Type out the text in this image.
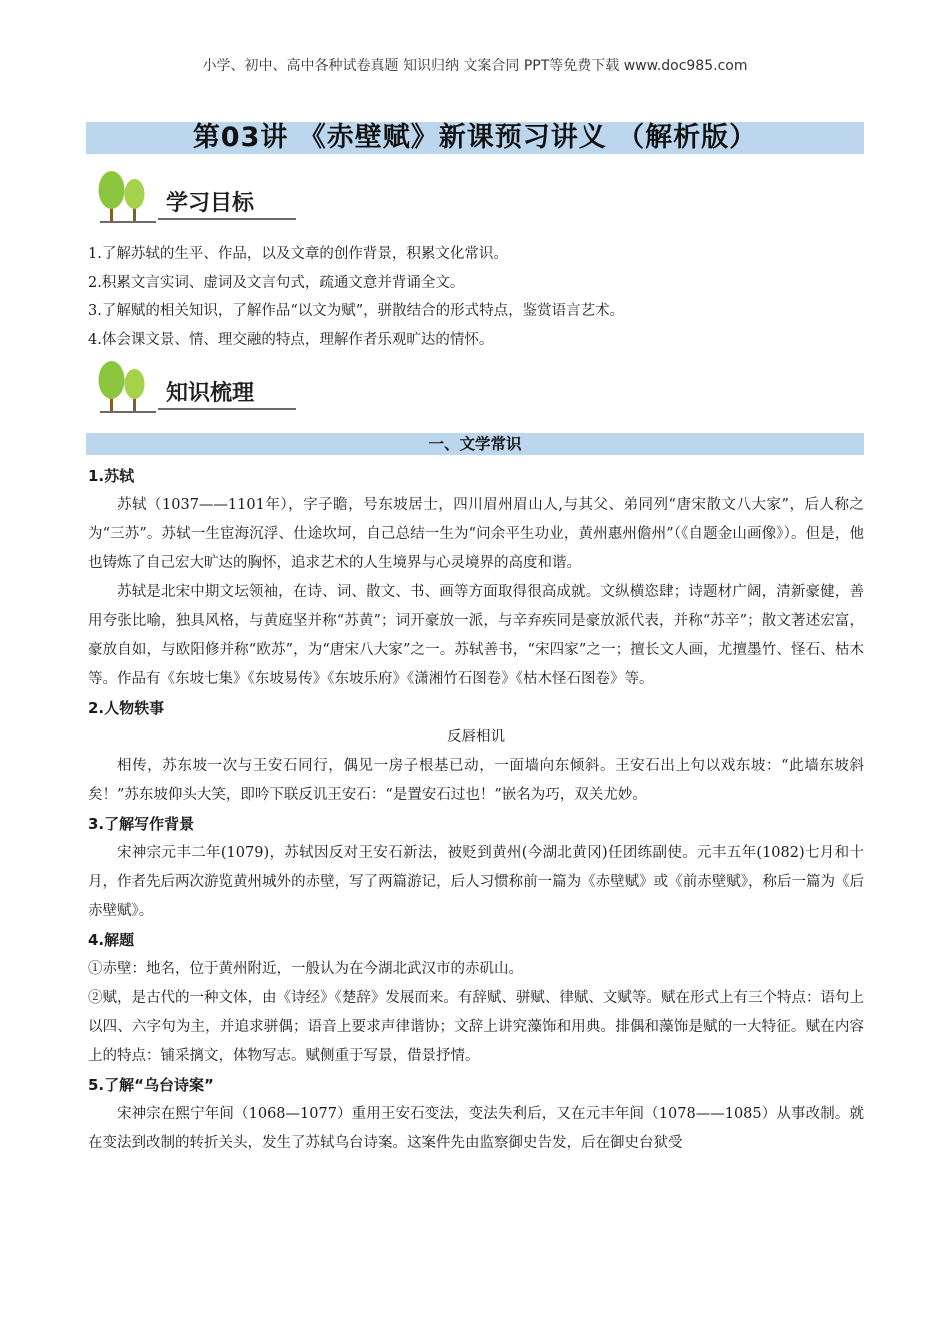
小学、初中、高中各种试卷真题 知识归纳 文案合同 PPT等免费下载 www.doc985.com
第03讲 《赤壁赋》新课预习讲义 （解析版）
学习目标
1.了解苏轼的生平、作品，以及文章的创作背景，积累文化常识。
2.积累文言实词、虚词及文言句式，疏通文意并背诵全文。
3.了解赋的相关知识，了解作品“以文为赋”，骈散结合的形式特点，鉴赏语言艺术。
4.体会课文景、情、理交融的特点，理解作者乐观旷达的情怀。
知识梳理
一、文学常识
1.苏轼
苏轼（1037——1101年），字子瞻，号东坡居士，四川眉州眉山人,与其父、弟同列“唐宋散文八大家”，后人称之为“三苏”。苏轼一生宦海沉浮、仕途坎坷，自己总结一生为“问余平生功业，黄州惠州儋州”（《自题金山画像》）。但是，他也铸炼了自己宏大旷达的胸怀，追求艺术的人生境界与心灵境界的高度和谐。
苏轼是北宋中期文坛领袖，在诗、词、散文、书、画等方面取得很高成就。文纵横恣肆；诗题材广阔，清新豪健，善用夸张比喻，独具风格，与黄庭坚并称“苏黄”；词开豪放一派，与辛弃疾同是豪放派代表，并称“苏辛”；散文著述宏富，豪放自如，与欧阳修并称“欧苏”，为“唐宋八大家”之一。苏轼善书，“宋四家”之一；擅长文人画，尤擅墨竹、怪石、枯木等。作品有《东坡七集》《东坡易传》《东坡乐府》《潇湘竹石图卷》《枯木怪石图卷》等。
2.人物轶事
反唇相讥
相传，苏东坡一次与王安石同行，偶见一房子根基已动，一面墙向东倾斜。王安石出上句以戏东坡：“此墙东坡斜矣！”苏东坡仰头大笑，即吟下联反讥王安石：“是置安石过也！”嵌名为巧，双关尤妙。
3.了解写作背景
宋神宗元丰二年(1079)，苏轼因反对王安石新法，被贬到黄州(今湖北黄冈)任团练副使。元丰五年(1082)七月和十月，作者先后两次游览黄州城外的赤壁，写了两篇游记，后人习惯称前一篇为《赤壁赋》或《前赤壁赋》，称后一篇为《后赤壁赋》。
4.解题
①赤壁：地名，位于黄州附近，一般认为在今湖北武汉市的赤矶山。
②赋，是古代的一种文体，由《诗经》《楚辞》发展而来。有辞赋、骈赋、律赋、文赋等。赋在形式上有三个特点：语句上以四、六字句为主，并追求骈偶；语音上要求声律谐协；文辞上讲究藻饰和用典。排偶和藻饰是赋的一大特征。赋在内容上的特点：铺采摛文，体物写志。赋侧重于写景，借景抒情。
5.了解“乌台诗案”
宋神宗在熙宁年间（1068—1077）重用王安石变法，变法失利后，又在元丰年间（1078——1085）从事改制。就在变法到改制的转折关头，发生了苏轼乌台诗案。这案件先由监察御史告发，后在御史台狱受
